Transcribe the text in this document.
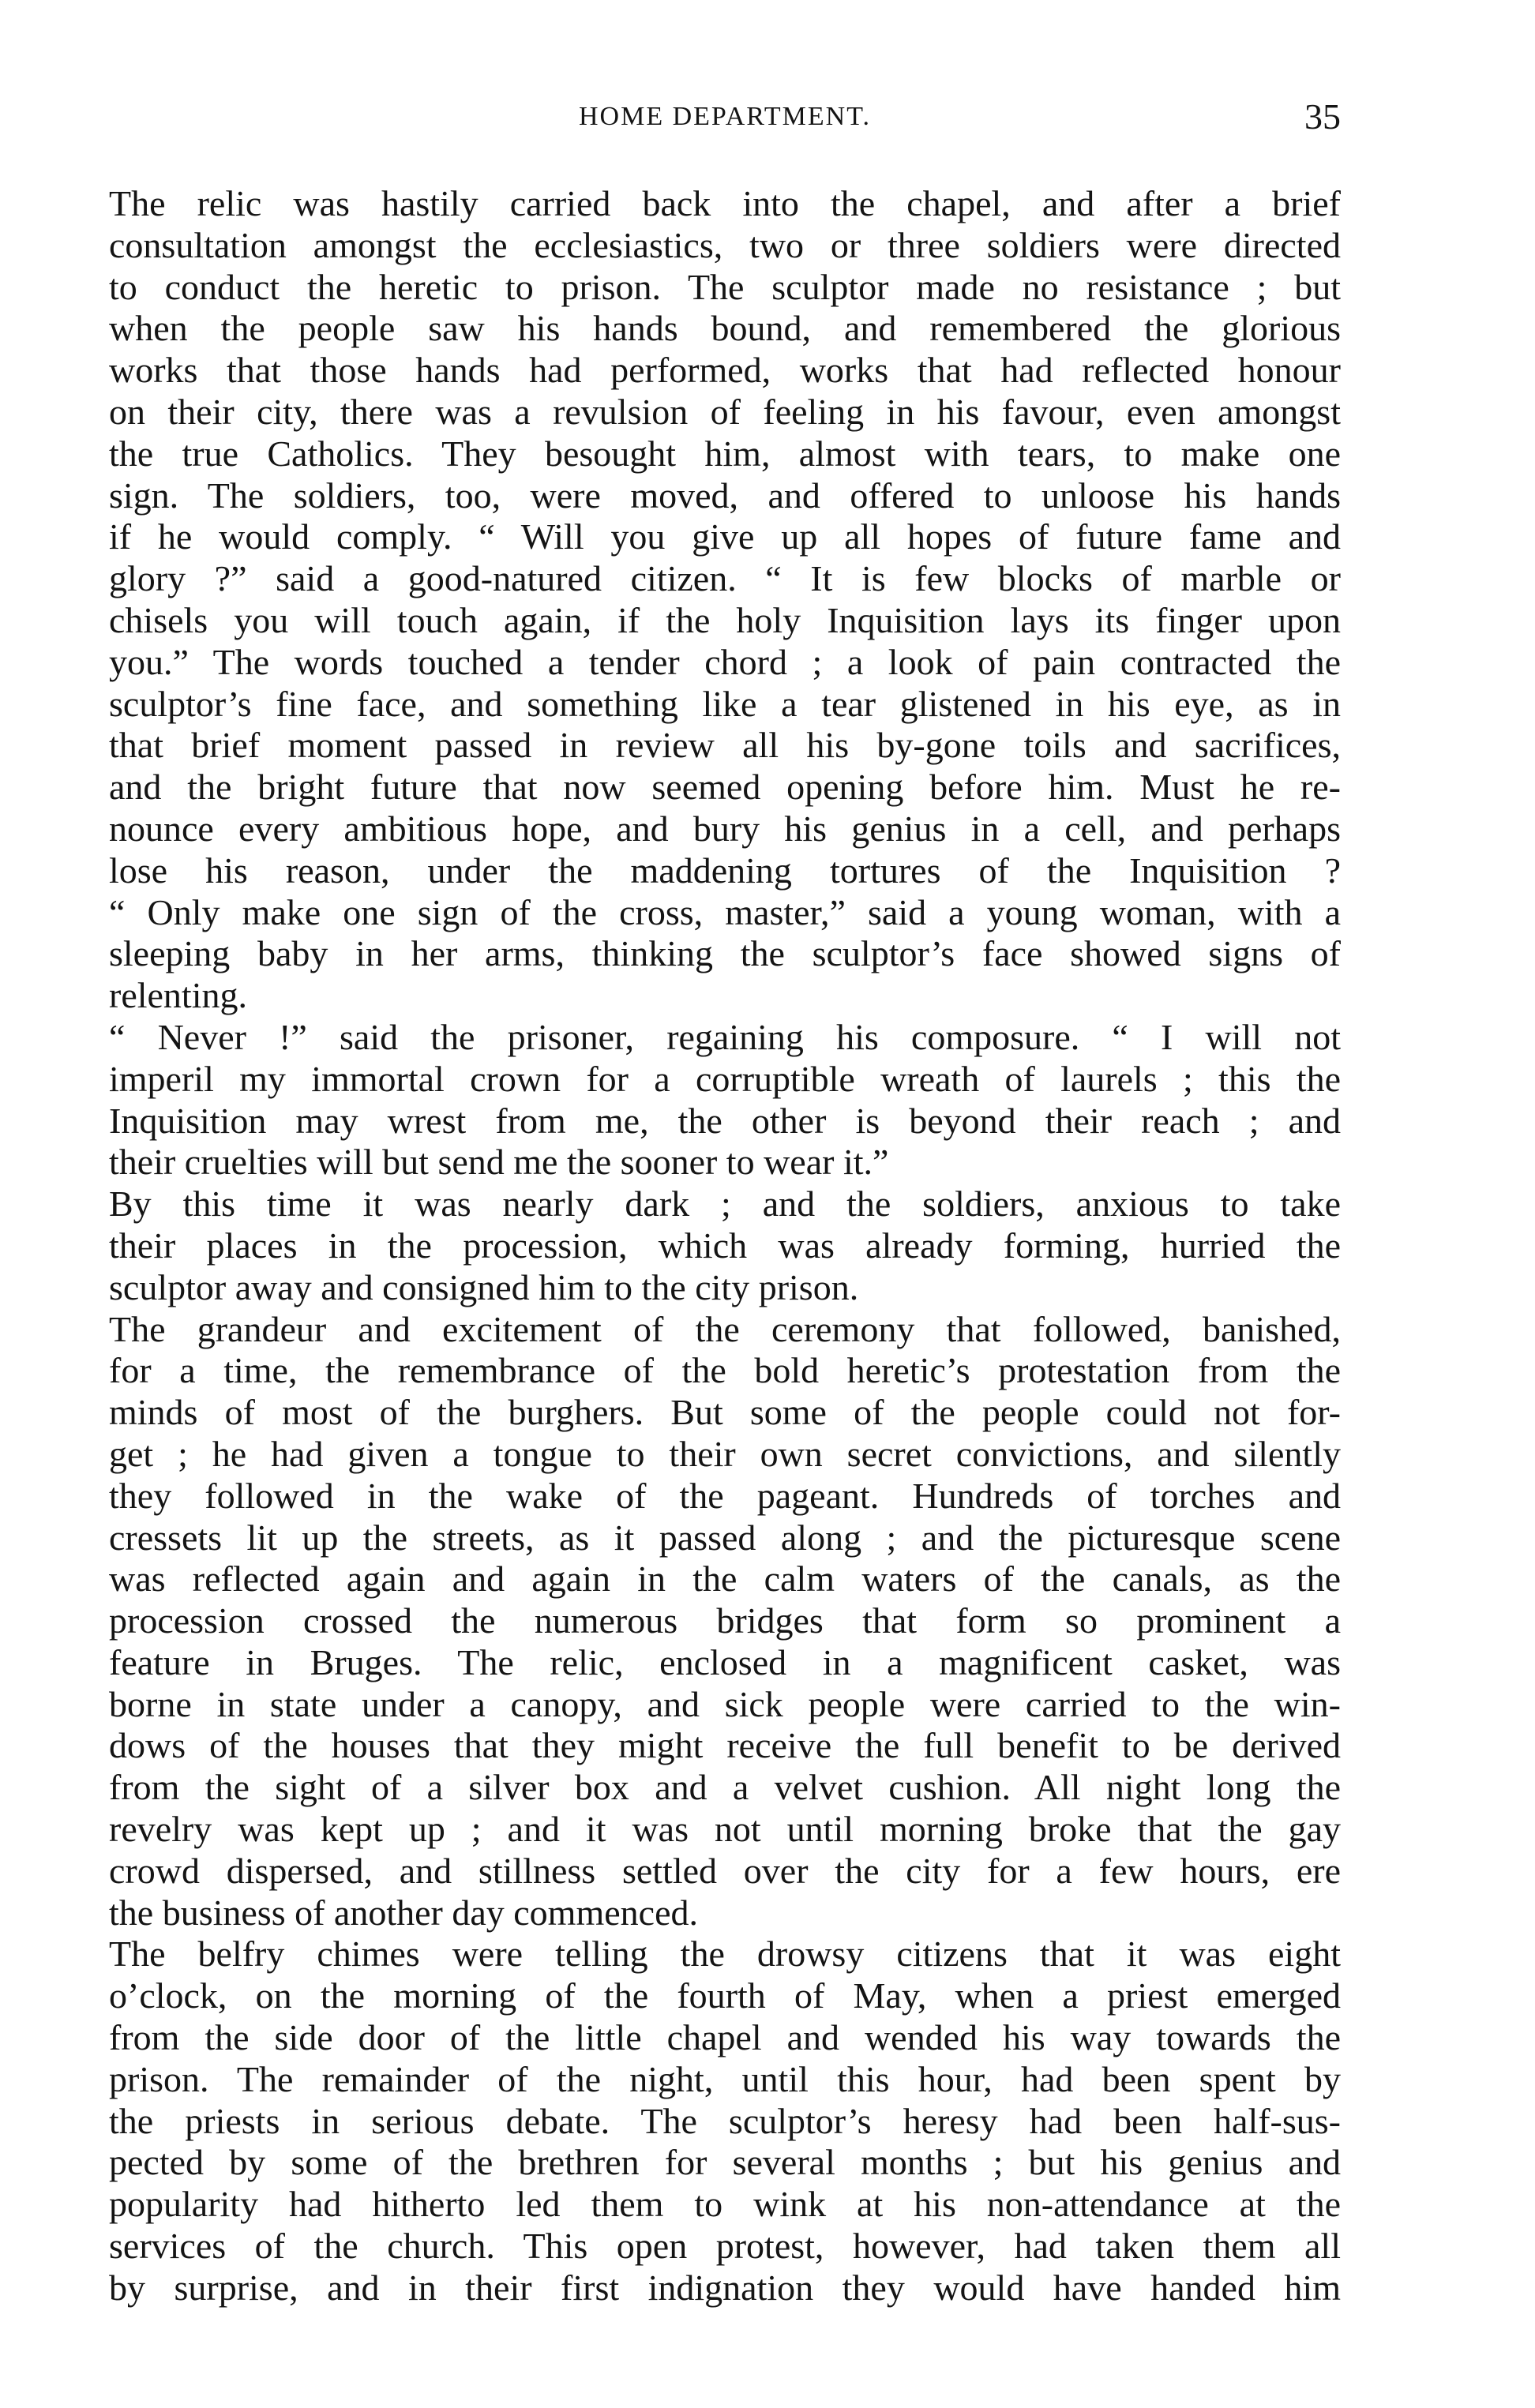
HOME DEPARTMENT.	35

The relic was hastily carried back into the chapel, and after a brief
consultation amongst the ecclesiastics, two or three soldiers were directed
to conduct the heretic to prison. The sculptor made no resistance ; but
when the people saw his hands bound, and remembered the glorious
works that those hands had performed, works that had reflected honour
on their city, there was a revulsion of feeling in his favour, even amongst
the true Catholics. They besought him, almost with tears, to make one
sign. The soldiers, too, were moved, and offered to unloose his hands
if he would comply. “ Will you give up all hopes of future fame and
glory ?” said a good-natured citizen. “ It is few blocks of marble or
chisels you will touch again, if the holy Inquisition lays its finger upon
you.” The words touched a tender chord ; a look of pain contracted the
sculptor’s fine face, and something like a tear glistened in his eye, as in
that brief moment passed in review all his by-gone toils and sacrifices,
and the bright future that now seemed opening before him. Must he re-
nounce every ambitious hope, and bury his genius in a cell, and perhaps
lose his reason, under the maddening tortures of the Inquisition ?
“ Only make one sign of the cross, master,” said a young woman, with a
sleeping baby in her arms, thinking the sculptor’s face showed signs of
relenting.

“ Never !” said the prisoner, regaining his composure. “ I will not
imperil my immortal crown for a corruptible wreath of laurels ; this the
Inquisition may wrest from me, the other is beyond their reach ; and
their cruelties will but send me the sooner to wear it.”

By this time it was nearly dark ; and the soldiers, anxious to take
their places in the procession, which was already forming, hurried the
sculptor away and consigned him to the city prison.

The grandeur and excitement of the ceremony that followed, banished,
for a time, the remembrance of the bold heretic’s protestation from the
minds of most of the burghers. But some of the people could not for-
get ; he had given a tongue to their own secret convictions, and silently
they followed in the wake of the pageant. Hundreds of torches and
cressets lit up the streets, as it passed along ; and the picturesque scene
was reflected again and again in the calm waters of the canals, as the
procession crossed the numerous bridges that form so prominent a
feature in Bruges. The relic, enclosed in a magnificent casket, was
borne in state under a canopy, and sick people were carried to the win-
dows of the houses that they might receive the full benefit to be derived
from the sight of a silver box and a velvet cushion. All night long the
revelry was kept up ; and it was not until morning broke that the gay
crowd dispersed, and stillness settled over the city for a few hours, ere
the business of another day commenced.

The belfry chimes were telling the drowsy citizens that it was eight
o’clock, on the morning of the fourth of May, when a priest emerged
from the side door of the little chapel and wended his way towards the
prison. The remainder of the night, until this hour, had been spent by
the priests in serious debate. The sculptor’s heresy had been half-sus-
pected by some of the brethren for several months ; but his genius and
popularity had hitherto led them to wink at his non-attendance at the
services of the church. This open protest, however, had taken them all
by surprise, and in their first indignation they would have handed him
